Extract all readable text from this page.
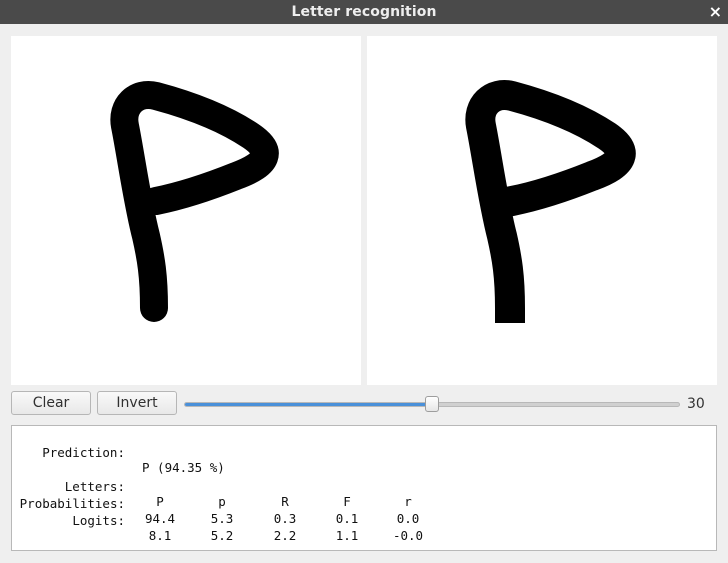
Letter recognition	×
Clear	Invert	30

Prediction:

P (94.35 %)

Letters:

P	p	R	F	r

Probabilities:

94.4	5.3	0.3	0.1	0.0

Logits:

8.1	5.2	2.2	1.1	-0.0
